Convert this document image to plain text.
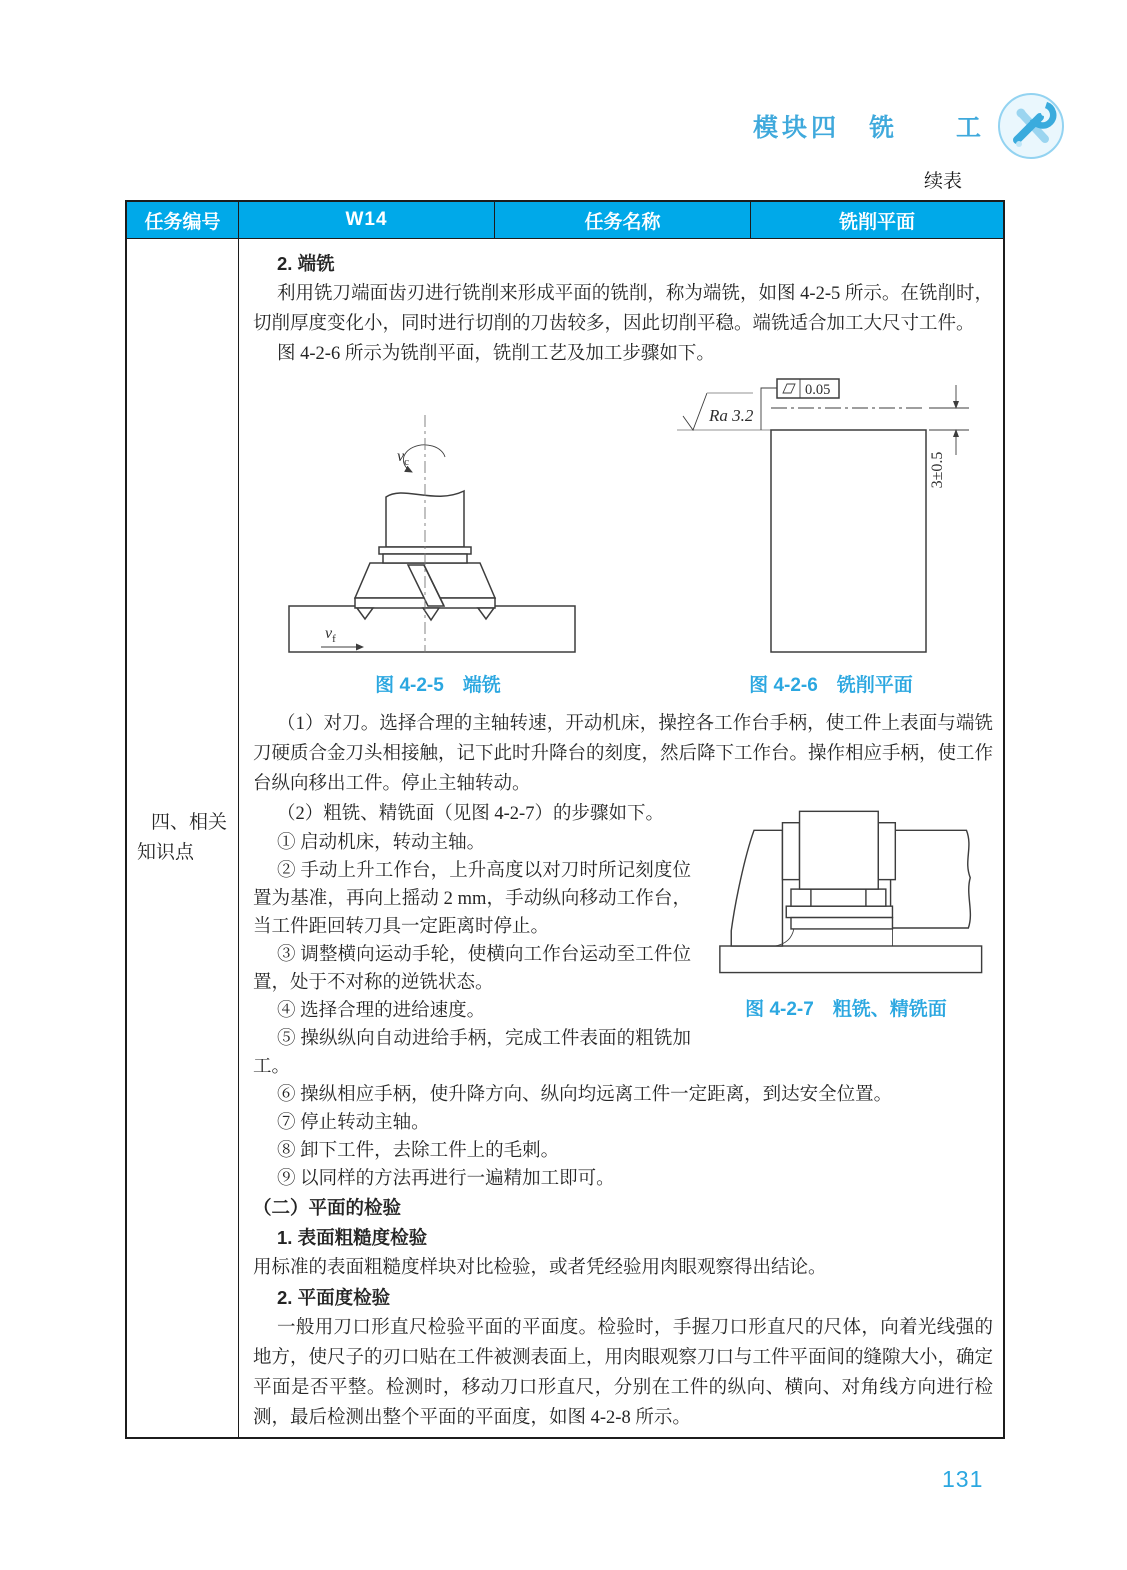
模块四　铣　　工
续表
任务编号	W14	任务名称	铣削平面
四、相关
知识点
2. 端铣

利用铣刀端面齿刃进行铣削来形成平面的铣削，称为端铣，如图 4-2-5 所示。在铣削时，切削厚度变化小，同时进行切削的刀齿较多，因此切削平稳。端铣适合加工大尺寸工件。

图 4-2-6 所示为铣削平面，铣削工艺及加工步骤如下。

$v_f$
$v_c$
图 4-2-5　端铣
Ra 3.2
0.05
3±0.5
图 4-2-6　铣削平面

（1）对刀。选择合理的主轴转速，开动机床，操控各工作台手柄，使工件上表面与端铣刀硬质合金刀头相接触，记下此时升降台的刻度，然后降下工作台。操作相应手柄，使工作台纵向移出工件。停止主轴转动。

图 4-2-7　粗铣、精铣面

（2）粗铣、精铣面（见图 4-2-7）的步骤如下。

① 启动机床，转动主轴。

② 手动上升工作台，上升高度以对刀时所记刻度位置为基准，再向上摇动 2 mm，手动纵向移动工作台，当工件距回转刀具一定距离时停止。

③ 调整横向运动手轮，使横向工作台运动至工件位置，处于不对称的逆铣状态。

④ 选择合理的进给速度。

⑤ 操纵纵向自动进给手柄，完成工件表面的粗铣加工。

⑥ 操纵相应手柄，使升降方向、纵向均远离工件一定距离，到达安全位置。

⑦ 停止转动主轴。

⑧ 卸下工件，去除工件上的毛刺。

⑨ 以同样的方法再进行一遍精加工即可。

（二）平面的检验
1. 表面粗糙度检验

用标准的表面粗糙度样块对比检验，或者凭经验用肉眼观察得出结论。

2. 平面度检验

一般用刀口形直尺检验平面的平面度。检验时，手握刀口形直尺的尺体，向着光线强的地方，使尺子的刃口贴在工件被测表面上，用肉眼观察刀口与工件平面间的缝隙大小，确定平面是否平整。检测时，移动刀口形直尺，分别在工件的纵向、横向、对角线方向进行检测，最后检测出整个平面的平面度，如图 4-2-8 所示。

131
